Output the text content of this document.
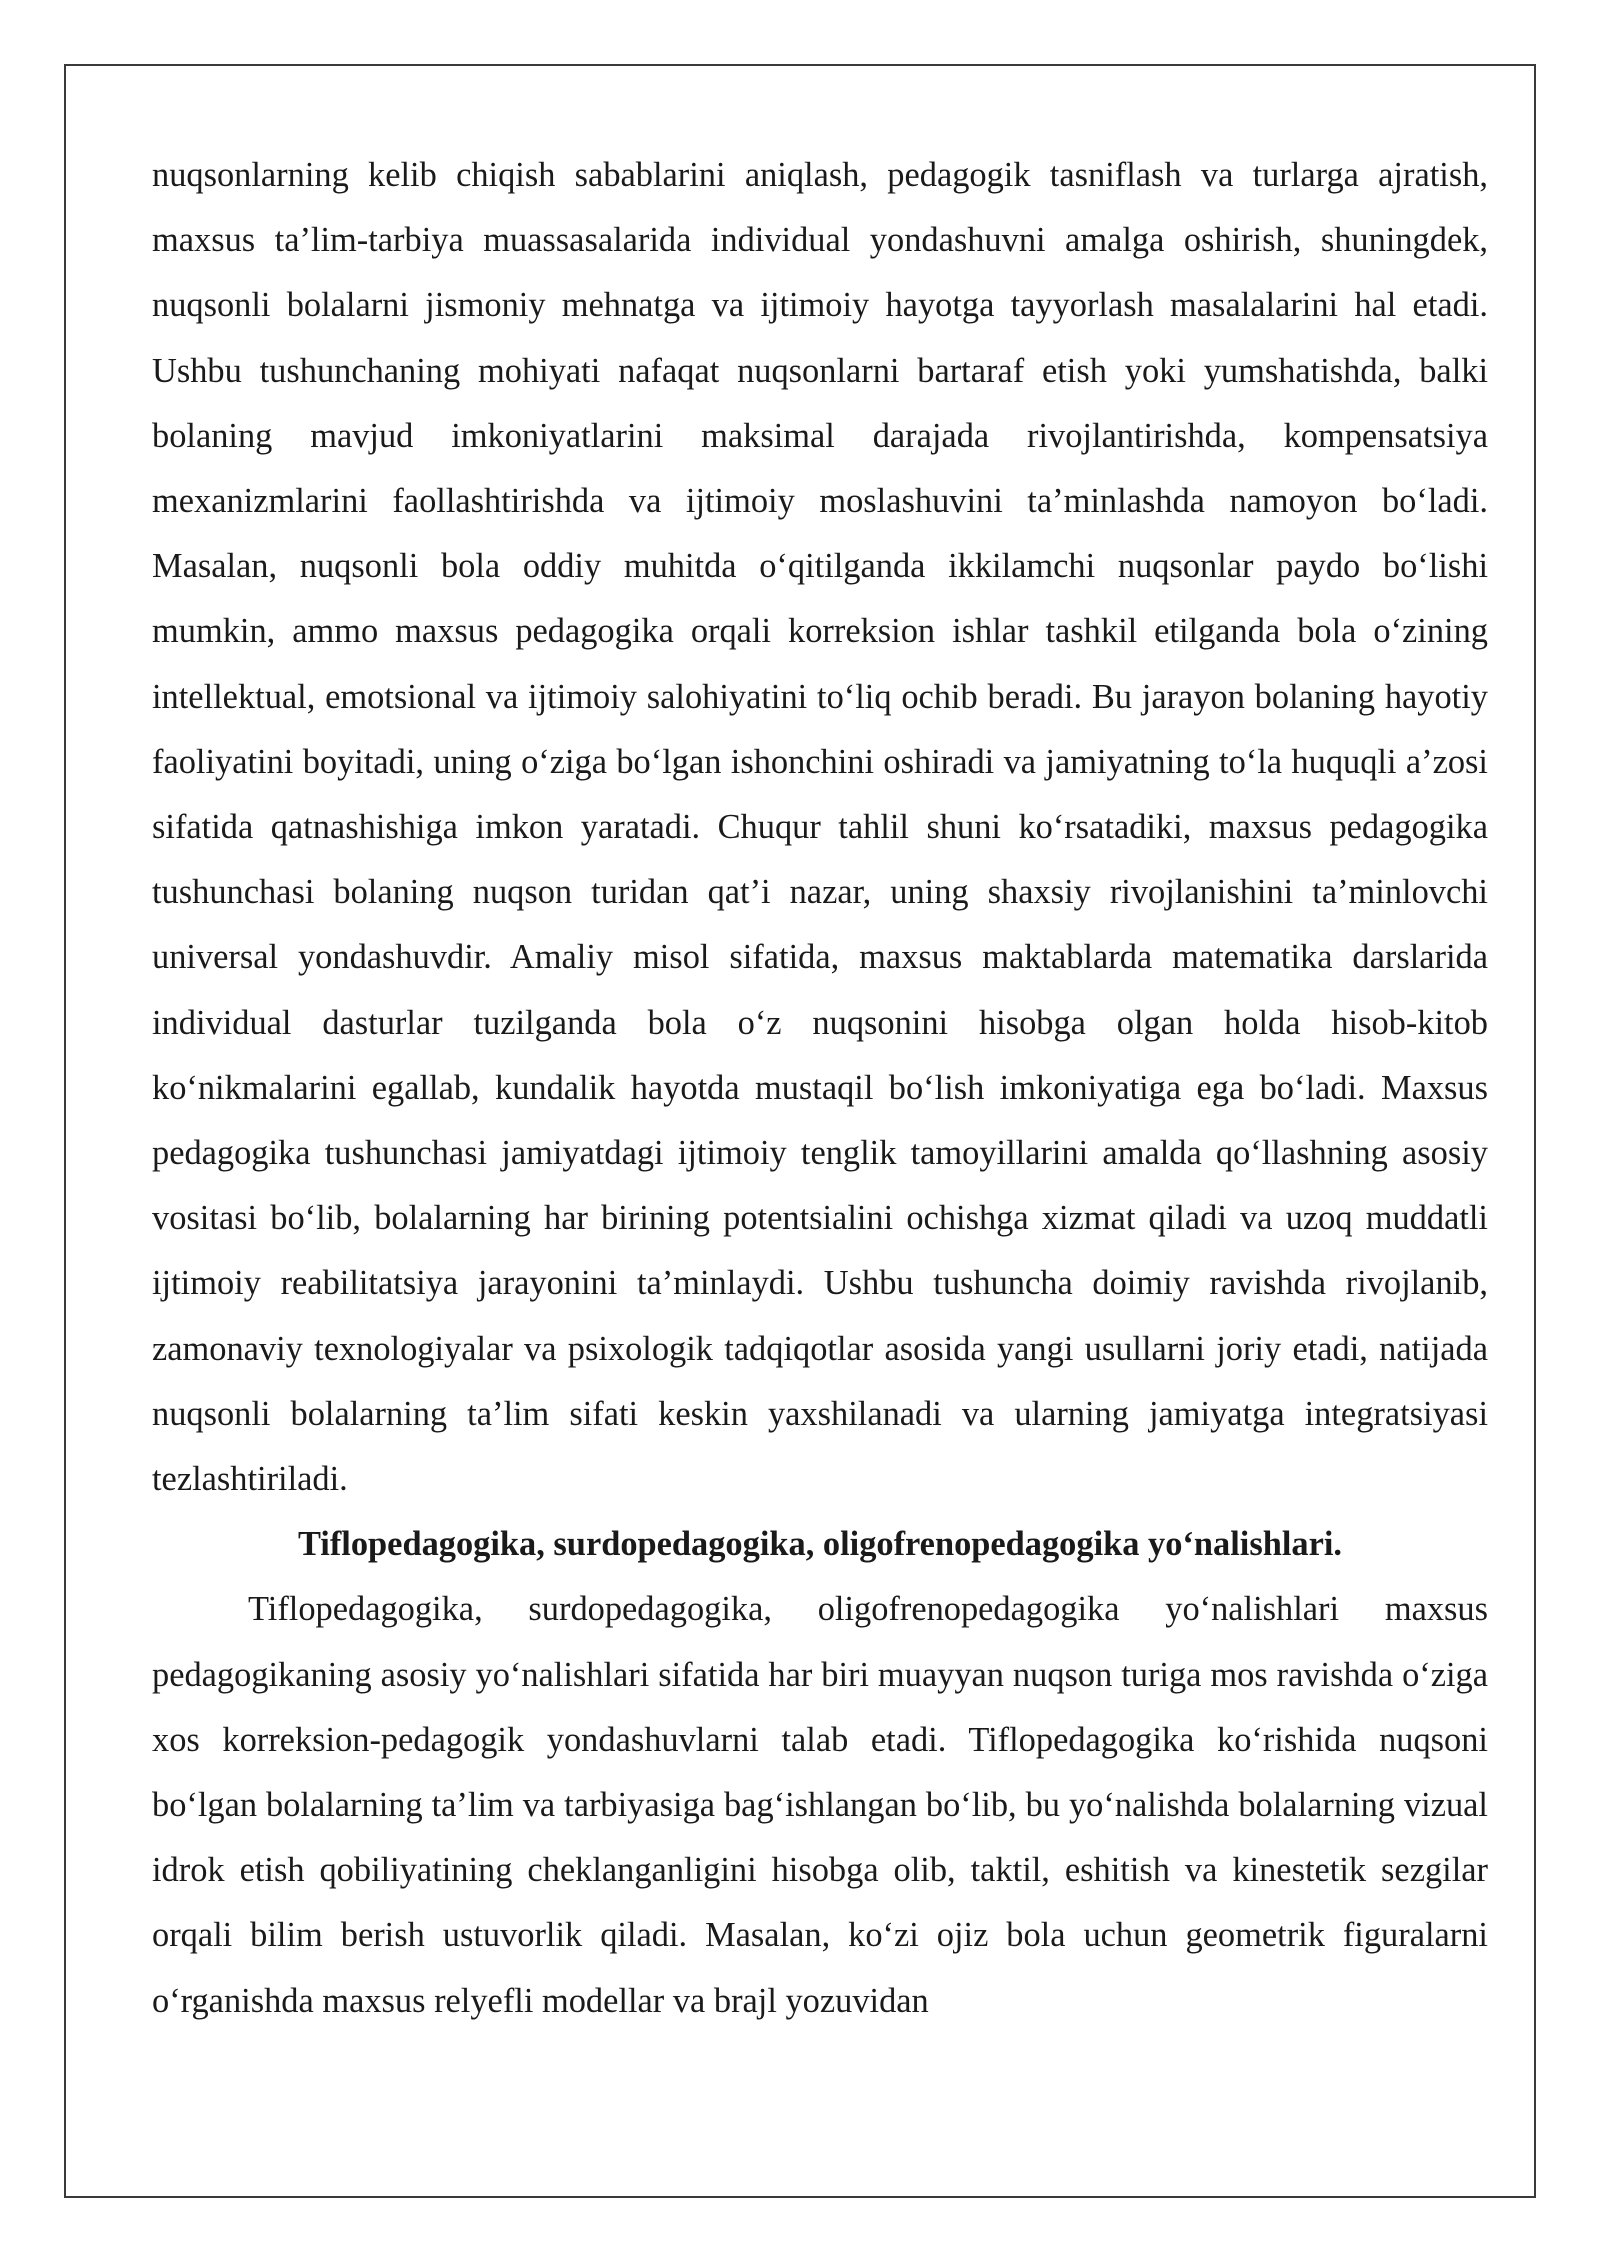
nuqsonlarning kelib chiqish sabablarini aniqlash, pedagogik tasniflash va turlarga ajratish, maxsus ta’lim-tarbiya muassasalarida individual yondashuvni amalga oshirish, shuningdek, nuqsonli bolalarni jismoniy mehnatga va ijtimoiy hayotga tayyorlash masalalarini hal etadi. Ushbu tushunchaning mohiyati nafaqat nuqsonlarni bartaraf etish yoki yumshatishda, balki bolaning mavjud imkoniyatlarini maksimal darajada rivojlantirishda, kompensatsiya mexanizmlarini faollashtirishda va ijtimoiy moslashuvini ta’minlashda namoyon boʻladi. Masalan, nuqsonli bola oddiy muhitda oʻqitilganda ikkilamchi nuqsonlar paydo boʻlishi mumkin, ammo maxsus pedagogika orqali korreksion ishlar tashkil etilganda bola oʻzining intellektual, emotsional va ijtimoiy salohiyatini toʻliq ochib beradi. Bu jarayon bolaning hayotiy faoliyatini boyitadi, uning oʻziga boʻlgan ishonchini oshiradi va jamiyatning toʻla huquqli a’zosi sifatida qatnashishiga imkon yaratadi. Chuqur tahlil shuni koʻrsatadiki, maxsus pedagogika tushunchasi bolaning nuqson turidan qat’i nazar, uning shaxsiy rivojlanishini ta’minlovchi universal yondashuvdir. Amaliy misol sifatida, maxsus maktablarda matematika darslarida individual dasturlar tuzilganda bola oʻz nuqsonini hisobga olgan holda hisob-kitob koʻnikmalarini egallab, kundalik hayotda mustaqil boʻlish imkoniyatiga ega boʻladi. Maxsus pedagogika tushunchasi jamiyatdagi ijtimoiy tenglik tamoyillarini amalda qoʻllashning asosiy vositasi boʻlib, bolalarning har birining potentsialini ochishga xizmat qiladi va uzoq muddatli ijtimoiy reabilitatsiya jarayonini ta’minlaydi. Ushbu tushuncha doimiy ravishda rivojlanib, zamonaviy texnologiyalar va psixologik tadqiqotlar asosida yangi usullarni joriy etadi, natijada nuqsonli bolalarning ta’lim sifati keskin yaxshilanadi va ularning jamiyatga integratsiyasi tezlashtiriladi.

Tiflopedagogika, surdopedagogika, oligofrenopedagogika yoʻnalishlari.

Tiflopedagogika, surdopedagogika, oligofrenopedagogika yoʻnalishlari maxsus pedagogikaning asosiy yoʻnalishlari sifatida har biri muayyan nuqson turiga mos ravishda oʻziga xos korreksion-pedagogik yondashuvlarni talab etadi. Tiflopedagogika koʻrishida nuqsoni boʻlgan bolalarning ta’lim va tarbiyasiga bagʻishlangan boʻlib, bu yoʻnalishda bolalarning vizual idrok etish qobiliyatining cheklanganligini hisobga olib, taktil, eshitish va kinestetik sezgilar orqali bilim berish ustuvorlik qiladi. Masalan, koʻzi ojiz bola uchun geometrik figuralarni oʻrganishda maxsus relyefli modellar va brajl yozuvidan
